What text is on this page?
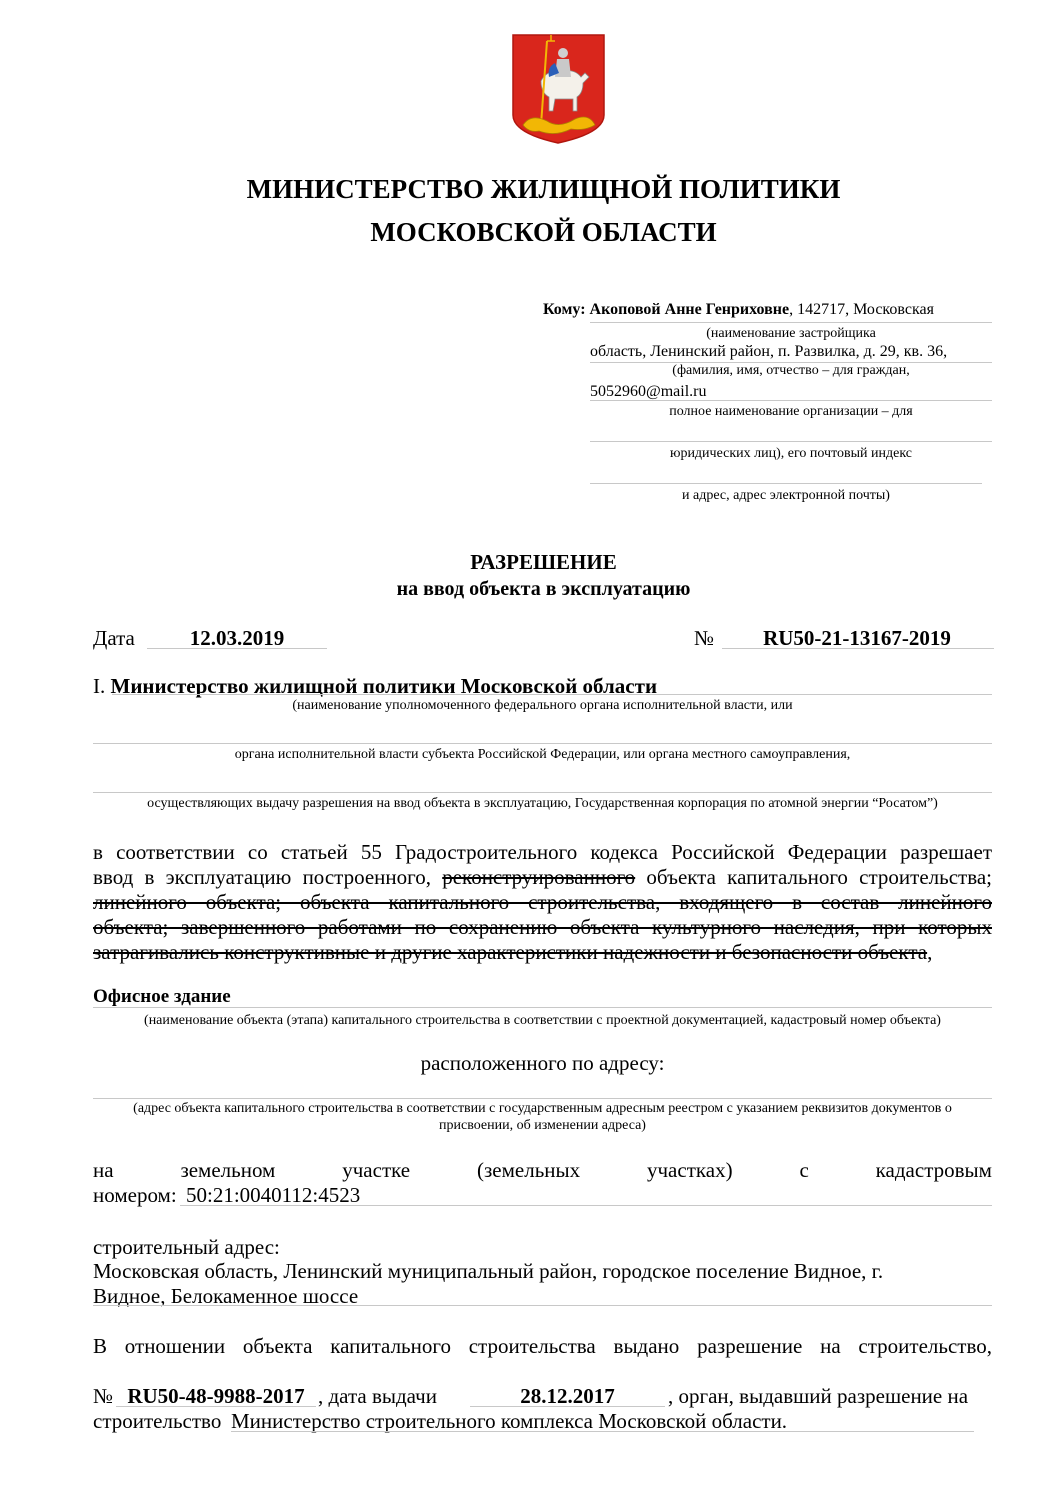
МИНИСТЕРСТВО ЖИЛИЩНОЙ ПОЛИТИКИ
МОСКОВСКОЙ ОБЛАСТИ
Кому: Акоповой Анне Генриховне, 142717, Московская
(наименование застройщика
область, Ленинский район, п. Развилка, д. 29, кв. 36,
(фамилия, имя, отчество – для граждан,
5052960@mail.ru
полное наименование организации – для
юридических лиц), его почтовый индекс
и адрес, адрес электронной почты)
РАЗРЕШЕНИЕ
на ввод объекта в эксплуатацию
Дата	12.03.2019	№	RU50-21-13167-2019
I. Министерство жилищной политики Московской области
(наименование уполномоченного федерального органа исполнительной власти, или
органа исполнительной власти субъекта Российской Федерации, или органа местного самоуправления,
осуществляющих выдачу разрешения на ввод объекта в эксплуатацию, Государственная корпорация по атомной энергии “Росатом”)
в соответствии со статьей 55 Градостроительного кодекса Российской Федерации разрешает
ввод в эксплуатацию построенного, реконструированного объекта капитального строительства;
линейного объекта; объекта капитального строительства, входящего в состав линейного
объекта; завершенного работами по сохранению объекта культурного наследия, при которых
затрагивались конструктивные и другие характеристики надежности и безопасности объекта,
Офисное здание
(наименование объекта (этапа) капитального строительства в соответствии с проектной документацией, кадастровый номер объекта)
расположенного по адресу:
(адрес объекта капитального строительства в соответствии с государственным адресным реестром с указанием реквизитов документов о
присвоении, об изменении адреса)
на	земельном	участке	(земельных	участках)	с	кадастровым
номером: 50:21:0040112:4523
строительный адрес:
Московская область, Ленинский муниципальный район, городское поселение Видное, г.
Видное, Белокаменное шоссе
В отношении объекта капитального строительства выдано разрешение на строительство,
№ RU50-48-9988-2017 , дата выдачи	28.12.2017	, орган, выдавший разрешение на
строительство Министерство строительного комплекса Московской области.
